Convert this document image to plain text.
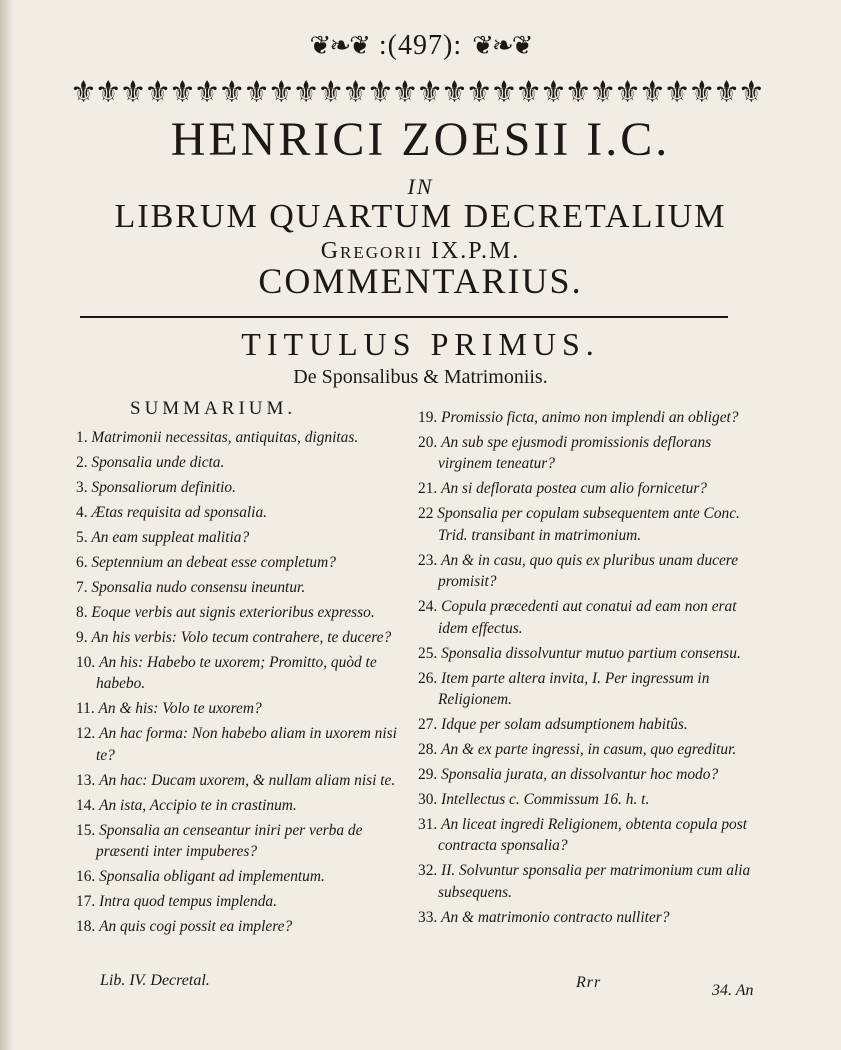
❦❧❦ :(497): ❦❧❦
⚜
⚜
⚜
⚜
⚜
⚜
⚜
⚜
⚜
⚜
⚜
⚜
⚜
⚜
⚜
⚜
⚜
⚜
⚜
⚜
⚜
⚜
⚜
⚜
⚜
⚜
⚜
⚜
HENRICI ZOESII I.C.
IN
LIBRUM QUARTUM DECRETALIUM
Gregorii IX.P.M.
COMMENTARIUS.
TITULUS PRIMUS.
De Sponsalibus & Matrimoniis.
SUMMARIUM.
1. Matrimonii necessitas, antiquitas, dignitas.
2. Sponsalia unde dicta.
3. Sponsaliorum definitio.
4. Ætas requisita ad sponsalia.
5. An eam suppleat malitia?
6. Septennium an debeat esse completum?
7. Sponsalia nudo consensu ineuntur.
8. Eoque verbis aut signis exterioribus expresso.
9. An his verbis: Volo tecum contrahere, te ducere?
10. An his: Habebo te uxorem; Promitto, quòd te habebo.
11. An & his: Volo te uxorem?
12. An hac forma: Non habebo aliam in uxorem nisi te?
13. An hac: Ducam uxorem, & nullam aliam nisi te.
14. An ista, Accipio te in crastinum.
15. Sponsalia an censeantur iniri per verba de præsenti inter impuberes?
16. Sponsalia obligant ad implementum.
17. Intra quod tempus implenda.
18. An quis cogi possit ea implere?
19. Promissio ficta, animo non implendi an obliget?
20. An sub spe ejusmodi promissionis deflorans virginem teneatur?
21. An si deflorata postea cum alio fornicetur?
22 Sponsalia per copulam subsequentem ante Conc. Trid. transibant in matrimonium.
23. An & in casu, quo quis ex pluribus unam ducere promisit?
24. Copula præcedenti aut conatui ad eam non erat idem effectus.
25. Sponsalia dissolvuntur mutuo partium consensu.
26. Item parte altera invita, I. Per ingressum in Religionem.
27. Idque per solam adsumptionem habitûs.
28. An & ex parte ingressi, in casum, quo egreditur.
29. Sponsalia jurata, an dissolvantur hoc modo?
30. Intellectus c. Commissum 16. h. t.
31. An liceat ingredi Religionem, obtenta copula post contracta sponsalia?
32. II. Solvuntur sponsalia per matrimonium cum alia subsequens.
33. An & matrimonio contracto nulliter?
Lib. IV. Decretal.	Rrr	34. An
